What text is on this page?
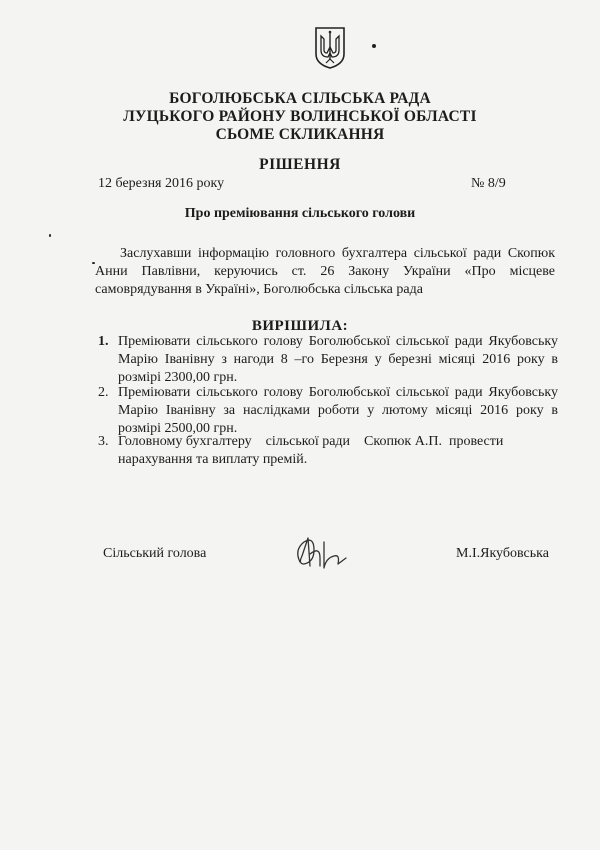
БОГОЛЮБСЬКА СІЛЬСЬКА РАДА
ЛУЦЬКОГО РАЙОНУ ВОЛИНСЬКОЇ ОБЛАСТІ
СЬОМЕ СКЛИКАННЯ
РІШЕННЯ
12 березня 2016 року	№ 8/9
Про преміювання сільського голови
Заслухавши інформацію головного бухгалтера сільської ради Скопюк
Анни Павлівни, керуючись ст. 26 Закону України «Про місцеве
самоврядування в Україні», Боголюбська сільська рада
ВИРІШИЛА:
1. Преміювати сільського голову Боголюбської сільської ради Якубовську
Марію Іванівну з нагоди 8 –го Березня у березні місяці 2016 року в
розмірі 2300,00 грн.
2. Преміювати сільського голову Боголюбської сільської ради Якубовську
Марію Іванівну за наслідками роботи у лютому місяці 2016 року в
розмірі 2500,00 грн.
3. Головному бухгалтеру    сільської ради    Скопюк А.П.  провести
нарахування та виплату премій.
Сільський голова	М.І.Якубовська
